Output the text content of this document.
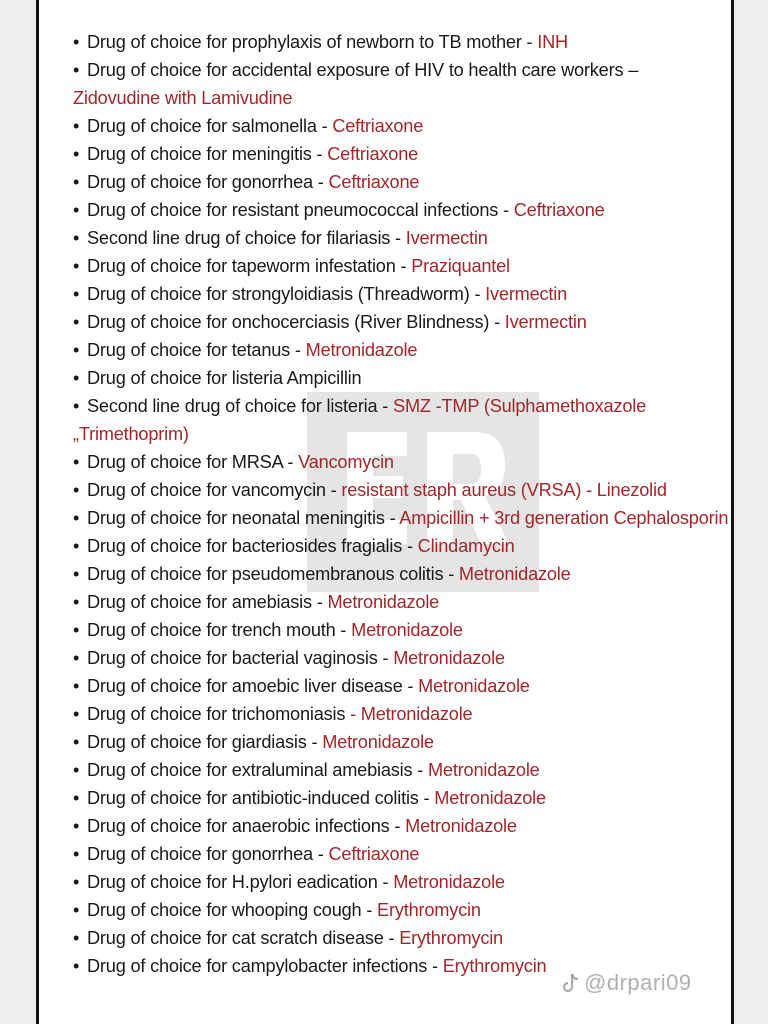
• Drug of choice for prophylaxis of newborn to TB mother - INH
• Drug of choice for accidental exposure of HIV to health care workers – Zidovudine with Lamivudine
• Drug of choice for salmonella - Ceftriaxone
• Drug of choice for meningitis - Ceftriaxone
• Drug of choice for gonorrhea - Ceftriaxone
• Drug of choice for resistant pneumococcal infections - Ceftriaxone
• Second line drug of choice for filariasis - Ivermectin
• Drug of choice for tapeworm infestation - Praziquantel
• Drug of choice for strongyloidiasis (Threadworm) - Ivermectin
• Drug of choice for onchocerciasis (River Blindness) - Ivermectin
• Drug of choice for tetanus - Metronidazole
• Drug of choice for listeria Ampicillin
• Second line drug of choice for listeria - SMZ -TMP (Sulphamethoxazole „Trimethoprim)
• Drug of choice for MRSA - Vancomycin
• Drug of choice for vancomycin - resistant staph aureus (VRSA) - Linezolid
• Drug of choice for neonatal meningitis - Ampicillin + 3rd generation Cephalosporin
• Drug of choice for bacteriosides fragialis - Clindamycin
• Drug of choice for pseudomembranous colitis - Metronidazole
• Drug of choice for amebiasis - Metronidazole
• Drug of choice for trench mouth - Metronidazole
• Drug of choice for bacterial vaginosis - Metronidazole
• Drug of choice for amoebic liver disease - Metronidazole
• Drug of choice for trichomoniasis - Metronidazole
• Drug of choice for giardiasis - Metronidazole
• Drug of choice for extraluminal amebiasis - Metronidazole
• Drug of choice for antibiotic-induced colitis - Metronidazole
• Drug of choice for anaerobic infections - Metronidazole
• Drug of choice for gonorrhea - Ceftriaxone
• Drug of choice for H.pylori eadication - Metronidazole
• Drug of choice for whooping cough - Erythromycin
• Drug of choice for cat scratch disease - Erythromycin
• Drug of choice for campylobacter infections - Erythromycin
@drpari09
